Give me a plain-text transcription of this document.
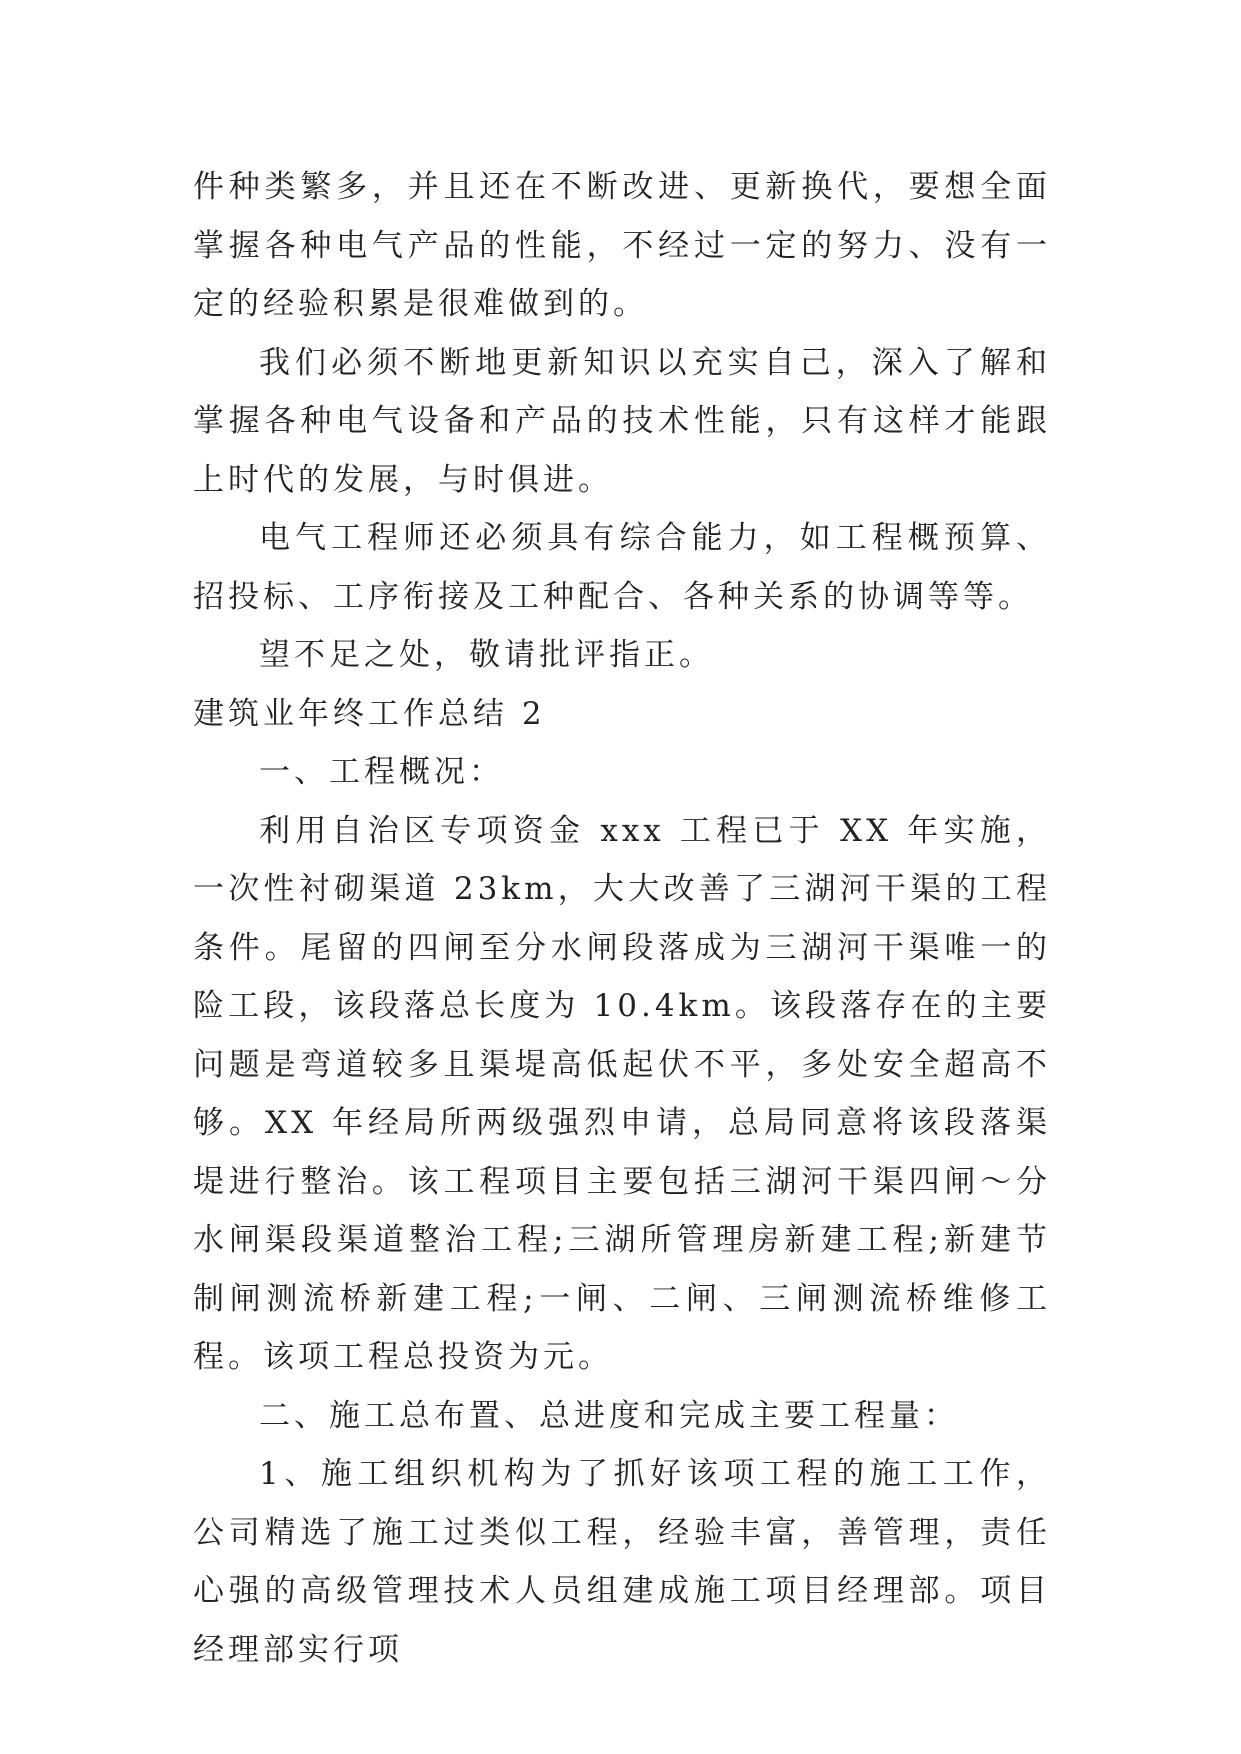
件种类繁多，并且还在不断改进、更新换代，要想全面掌握各种电气产品的性能，不经过一定的努力、没有一定的经验积累是很难做到的。

我们必须不断地更新知识以充实自己，深入了解和掌握各种电气设备和产品的技术性能，只有这样才能跟上时代的发展，与时俱进。

电气工程师还必须具有综合能力，如工程概预算、招投标、工序衔接及工种配合、各种关系的协调等等。

望不足之处，敬请批评指正。

建筑业年终工作总结 2

一、工程概况：

利用自治区专项资金 xxx 工程已于 XX 年实施，一次性衬砌渠道 23km，大大改善了三湖河干渠的工程条件。尾留的四闸至分水闸段落成为三湖河干渠唯一的险工段，该段落总长度为 10.4km。该段落存在的主要问题是弯道较多且渠堤高低起伏不平，多处安全超高不够。XX 年经局所两级强烈申请，总局同意将该段落渠堤进行整治。该工程项目主要包括三湖河干渠四闸～分水闸渠段渠道整治工程;三湖所管理房新建工程;新建节制闸测流桥新建工程;一闸、二闸、三闸测流桥维修工程。该项工程总投资为元。

二、施工总布置、总进度和完成主要工程量：

1、施工组织机构为了抓好该项工程的施工工作，公司精选了施工过类似工程，经验丰富，善管理，责任心强的高级管理技术人员组建成施工项目经理部。项目经理部实行项
